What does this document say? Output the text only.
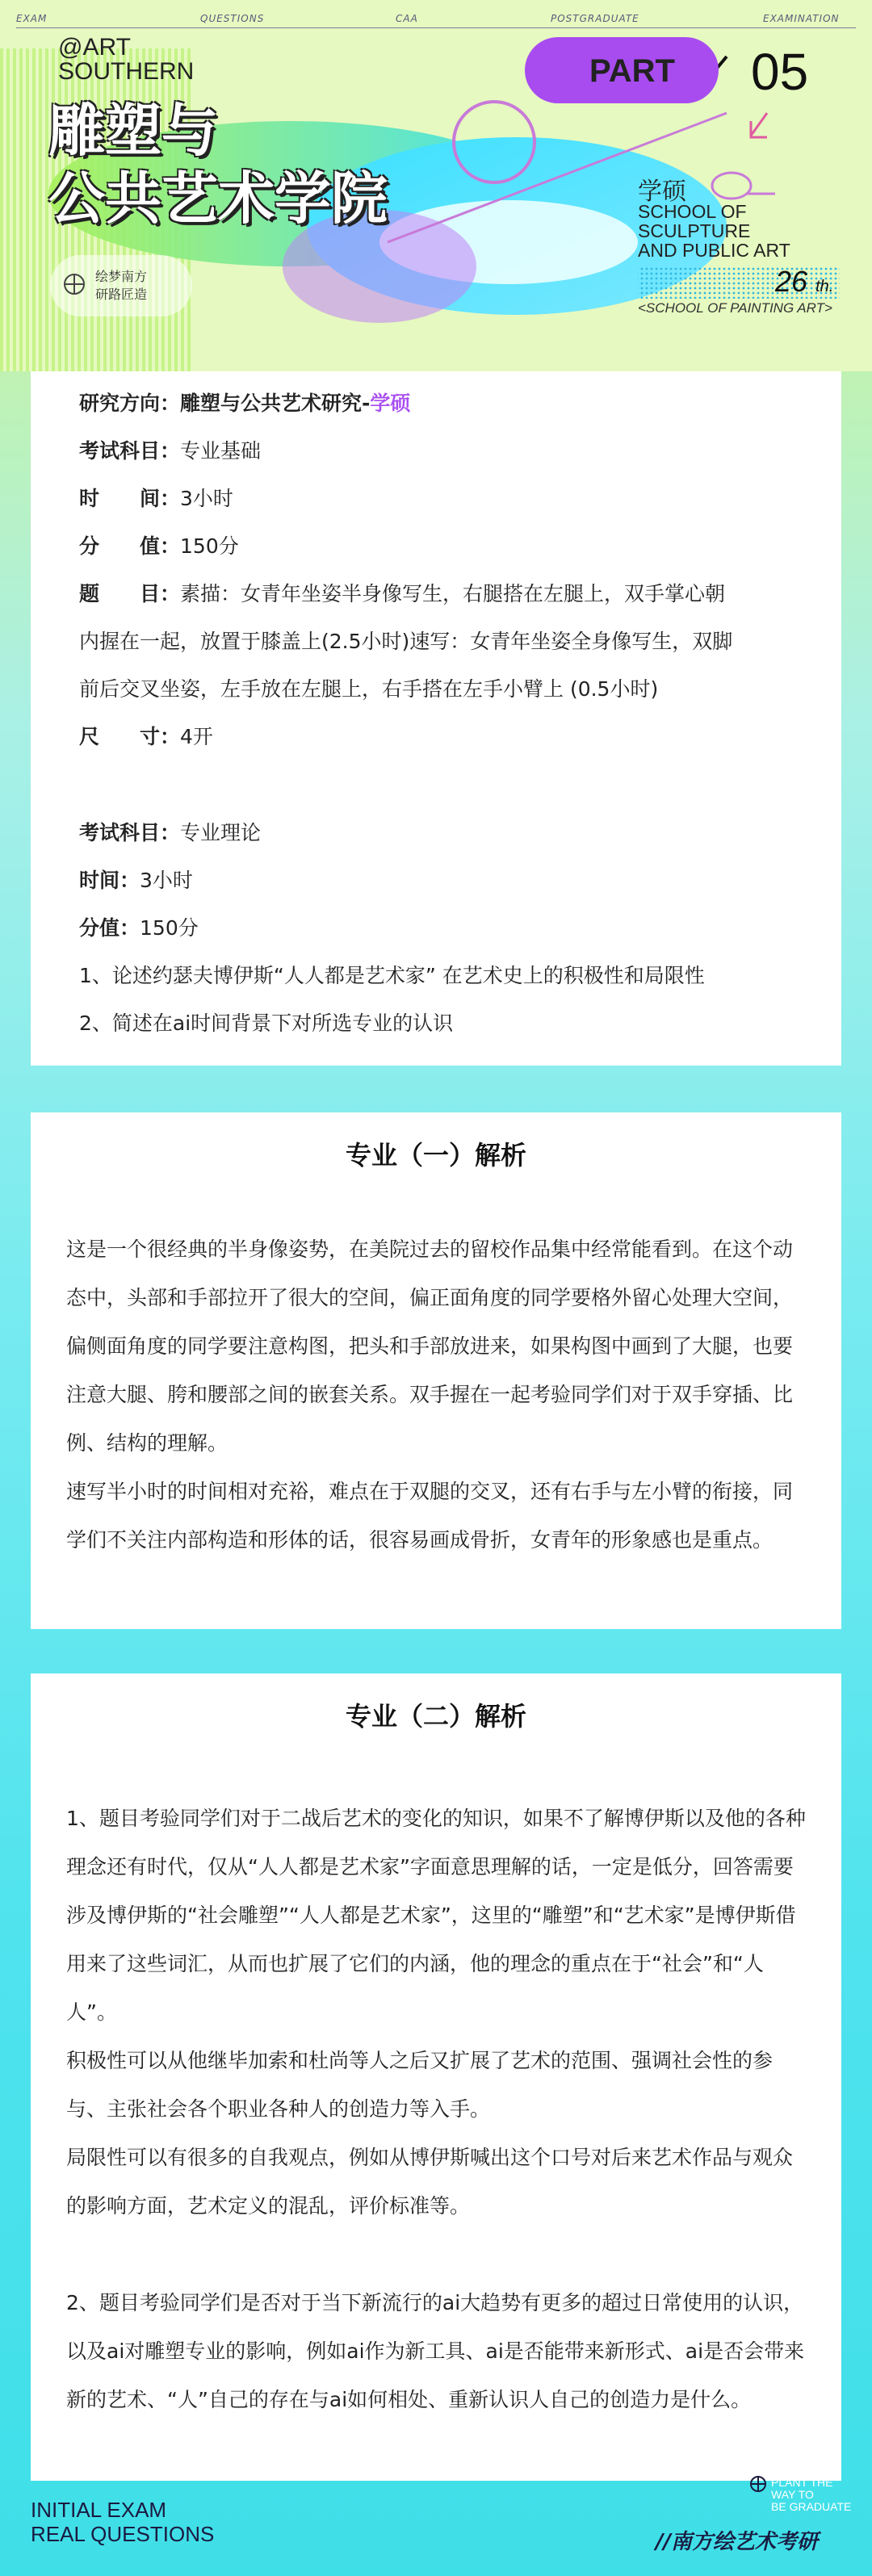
EXAM	QUESTIONS	CAA	POSTGRADUATE	EXAMINATION
@ART
SOUTHERN
雕塑与
公共艺术学院
绘梦南方
研路匠造
PART 05
学硕
SCHOOL OF
SCULPTURE
AND PUBLIC ART
26 th.
<SCHOOL OF PAINTING ART>
研究方向：雕塑与公共艺术研究-学硕
考试科目：专业基础
时　　间：3小时
分　　值：150分
题　　目：素描：女青年坐姿半身像写生，右腿搭在左腿上，双手掌心朝
内握在一起，放置于膝盖上(2.5小时)速写：女青年坐姿全身像写生，双脚
前后交叉坐姿，左手放在左腿上，右手搭在左手小臂上 (0.5小时)
尺　　寸：4开
考试科目：专业理论
时间：3小时
分值：150分
1、论述约瑟夫博伊斯“人人都是艺术家” 在艺术史上的积极性和局限性
2、简述在ai时间背景下对所选专业的认识
专业（一）解析

这是一个很经典的半身像姿势，在美院过去的留校作品集中经常能看到。在这个动态中，头部和手部拉开了很大的空间，偏正面角度的同学要格外留心处理大空间，偏侧面角度的同学要注意构图，把头和手部放进来，如果构图中画到了大腿，也要注意大腿、胯和腰部之间的嵌套关系。双手握在一起考验同学们对于双手穿插、比例、结构的理解。

速写半小时的时间相对充裕，难点在于双腿的交叉，还有右手与左小臂的衔接，同学们不关注内部构造和形体的话，很容易画成骨折，女青年的形象感也是重点。

专业（二）解析

1、题目考验同学们对于二战后艺术的变化的知识，如果不了解博伊斯以及他的各种理念还有时代，仅从“人人都是艺术家”字面意思理解的话，一定是低分，回答需要涉及博伊斯的“社会雕塑”“人人都是艺术家”，这里的“雕塑”和“艺术家”是博伊斯借用来了这些词汇，从而也扩展了它们的内涵，他的理念的重点在于“社会”和“人人”。

积极性可以从他继毕加索和杜尚等人之后又扩展了艺术的范围、强调社会性的参与、主张社会各个职业各种人的创造力等入手。

局限性可以有很多的自我观点，例如从博伊斯喊出这个口号对后来艺术作品与观众的影响方面，艺术定义的混乱，评价标准等。

2、题目考验同学们是否对于当下新流行的ai大趋势有更多的超过日常使用的认识，以及ai对雕塑专业的影响，例如ai作为新工具、ai是否能带来新形式、ai是否会带来新的艺术、“人”自己的存在与ai如何相处、重新认识人自己的创造力是什么。

INITIAL EXAM
REAL QUESTIONS
PLANT THE
WAY TO
BE GRADUATE
//南方绘艺术考研
